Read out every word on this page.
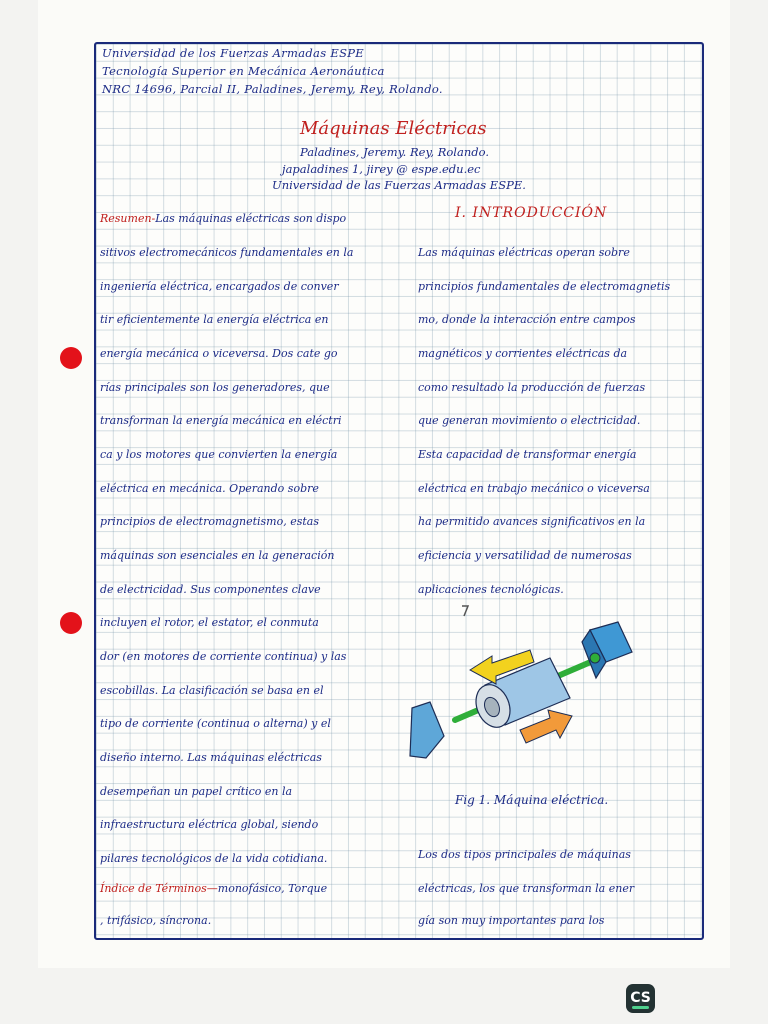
Universidad de los Fuerzas Armadas ESPE
Tecnología Superior en Mecánica Aeronáutica
NRC 14696, Parcial II, Paladines, Jeremy, Rey, Rolando.
Máquinas Eléctricas
Paladines, Jeremy. Rey, Rolando.
japaladines 1, jirey @ espe.edu.ec
Universidad de las Fuerzas Armadas ESPE.
Resumen-Las máquinas eléctricas son dispo
sitivos electromecánicos fundamentales en la
ingeniería eléctrica, encargados de conver
tir eficientemente la energía eléctrica en
energía mecánica o viceversa. Dos cate go
rías principales son los generadores, que
transforman la energía mecánica en eléctri
ca y los motores que convierten la energía
eléctrica en mecánica. Operando sobre
principios de electromagnetismo, estas
máquinas son esenciales en la generación
de electricidad. Sus componentes clave
incluyen el rotor, el estator, el conmuta
dor (en motores de corriente continua) y las
escobillas. La clasificación se basa en el
tipo de corriente (continua o alterna) y el
diseño interno. Las máquinas eléctricas
desempeñan un papel crítico en la
infraestructura eléctrica global, siendo
pilares tecnológicos de la vida cotidiana.
Índice de Términos—monofásico, Torque
, trifásico, síncrona.
I. INTRODUCCIÓN
Las máquinas eléctricas operan sobre
principios fundamentales de electromagnetis
mo, donde la interacción entre campos
magnéticos y corrientes eléctricas da
como resultado la producción de fuerzas
que generan movimiento o electricidad.
Esta capacidad de transformar energía
eléctrica en trabajo mecánico o viceversa
ha permitido avances significativos en la
eficiencia y versatilidad de numerosas
aplicaciones tecnológicas.
Fig 1. Máquina eléctrica.
Los dos tipos principales de máquinas
eléctricas, los que transforman la ener
gía son muy importantes para los
CS
